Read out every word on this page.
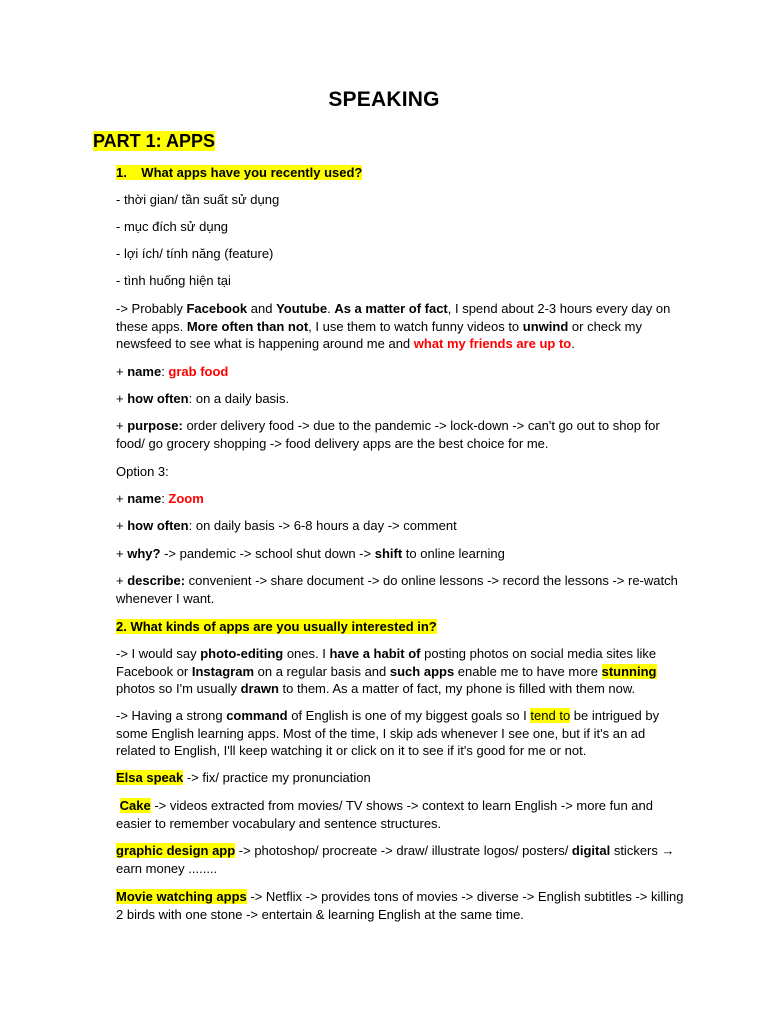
SPEAKING
PART 1: APPS
1. What apps have you recently used?
- thời gian/ tần suất sử dụng
- mục đích sử dụng
- lợi ích/ tính năng (feature)
- tình huống hiện tại
-> Probably Facebook and Youtube. As a matter of fact, I spend about 2-3 hours every day on
these apps. More often than not, I use them to watch funny videos to unwind or check my
newsfeed to see what is happening around me and what my friends are up to.
+ name: grab food
+ how often: on a daily basis.
+ purpose: order delivery food -> due to the pandemic -> lock-down -> can't go out to shop for
food/ go grocery shopping -> food delivery apps are the best choice for me.
Option 3:
+ name: Zoom
+ how often: on daily basis -> 6-8 hours a day -> comment
+ why? -> pandemic -> school shut down -> shift to online learning
+ describe: convenient -> share document -> do online lessons -> record the lessons -> re-watch
whenever I want.
2. What kinds of apps are you usually interested in?
-> I would say photo-editing ones. I have a habit of posting photos on social media sites like
Facebook or Instagram on a regular basis and such apps enable me to have more stunning
photos so I'm usually drawn to them. As a matter of fact, my phone is filled with them now.
-> Having a strong command of English is one of my biggest goals so I tend to be intrigued by
some English learning apps. Most of the time, I skip ads whenever I see one, but if it's an ad
related to English, I'll keep watching it or click on it to see if it's good for me or not.
Elsa speak -> fix/ practice my pronunciation
Cake -> videos extracted from movies/ TV shows -> context to learn English -> more fun and
easier to remember vocabulary and sentence structures.
graphic design app -> photoshop/ procreate -> draw/ illustrate logos/ posters/ digital stickers →
earn money ........
Movie watching apps -> Netflix -> provides tons of movies -> diverse -> English subtitles -> killing
2 birds with one stone -> entertain & learning English at the same time.
